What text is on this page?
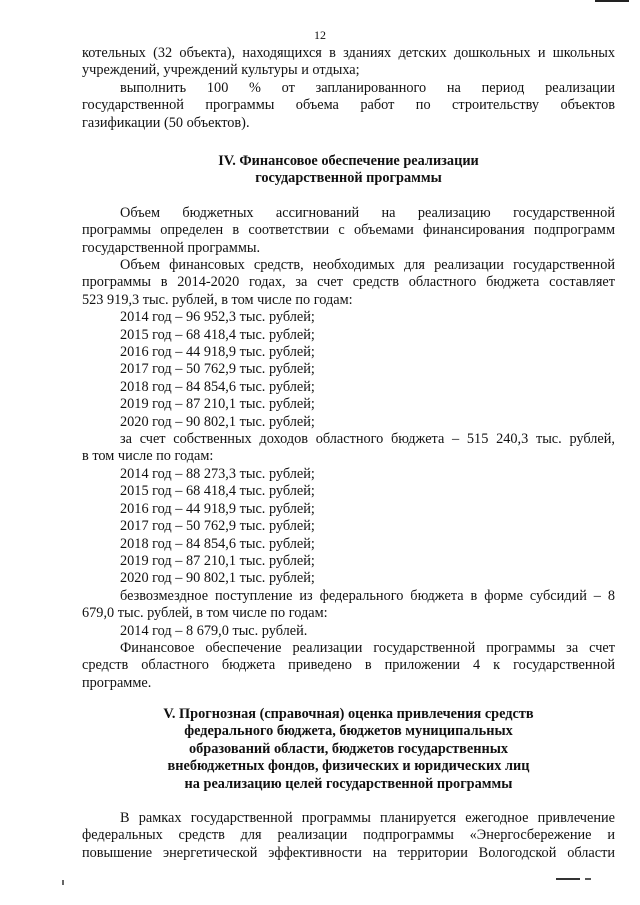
12

котельных (32 объекта), находящихся в зданиях детских дошкольных и школьных

учреждений, учреждений культуры и отдыха;

выполнить 100 % от запланированного на период реализации

государственной программы объема работ по строительству объектов

газификации (50 объектов).

IV. Финансовое обеспечение реализации

государственной программы

Объем бюджетных ассигнований на реализацию государственной

программы определен в соответствии с объемами финансирования подпрограмм

государственной программы.

Объем финансовых средств, необходимых для реализации государственной

программы в 2014-2020 годах, за счет средств областного бюджета составляет

523 919,3 тыс. рублей, в том числе по годам:

2014 год – 96 952,3 тыс. рублей;

2015 год – 68 418,4 тыс. рублей;

2016 год – 44 918,9 тыс. рублей;

2017 год – 50 762,9 тыс. рублей;

2018 год – 84 854,6 тыс. рублей;

2019 год – 87 210,1 тыс. рублей;

2020 год – 90 802,1 тыс. рублей;

за счет собственных доходов областного бюджета – 515 240,3 тыс. рублей,

в том числе по годам:

2014 год – 88 273,3 тыс. рублей;

2015 год – 68 418,4 тыс. рублей;

2016 год – 44 918,9 тыс. рублей;

2017 год – 50 762,9 тыс. рублей;

2018 год – 84 854,6 тыс. рублей;

2019 год – 87 210,1 тыс. рублей;

2020 год – 90 802,1 тыс. рублей;

безвозмездное поступление из федерального бюджета в форме субсидий – 8

679,0 тыс. рублей, в том числе по годам:

2014 год – 8 679,0 тыс. рублей.

Финансовое обеспечение реализации государственной программы за счет

средств областного бюджета приведено в приложении 4 к государственной

программе.

V. Прогнозная (справочная) оценка привлечения средств

федерального бюджета, бюджетов муниципальных

образований области, бюджетов государственных

внебюджетных фондов, физических и юридических лиц

на реализацию целей государственной программы

В рамках государственной программы планируется ежегодное привлечение

федеральных средств для реализации подпрограммы «Энергосбережение и

повышение энергетической эффективности на территории Вологодской области
